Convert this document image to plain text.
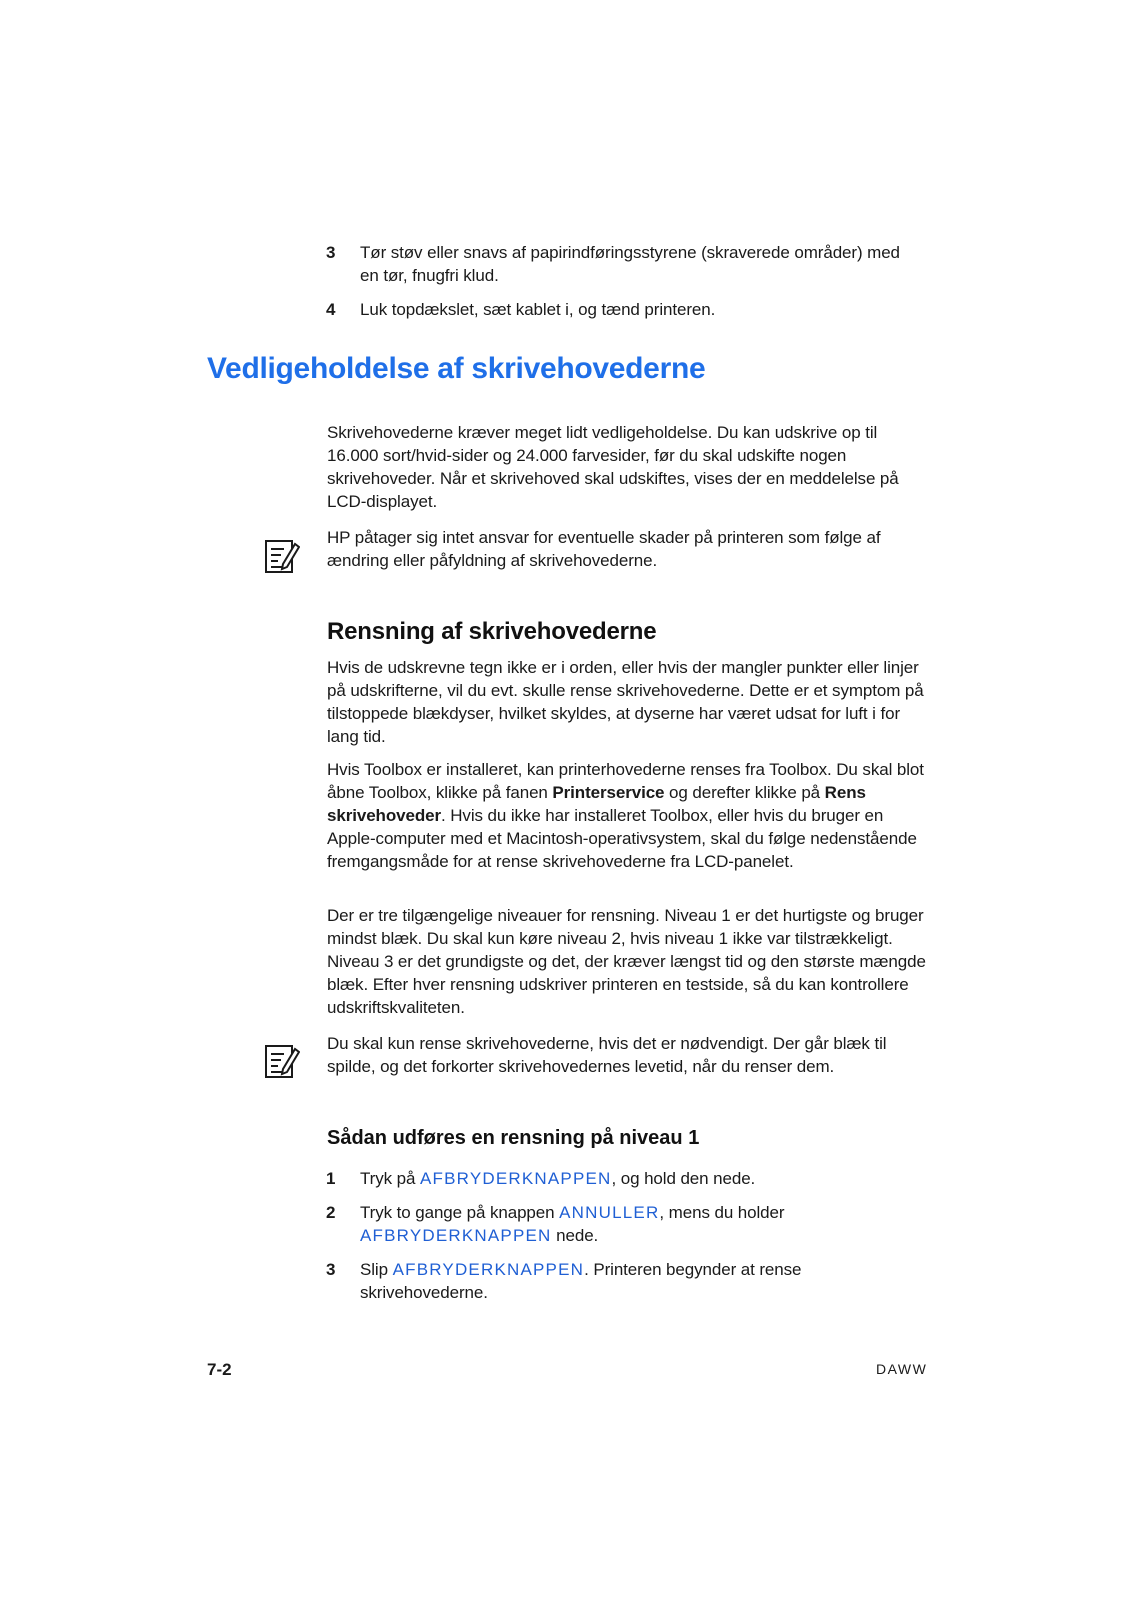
3 Tør støv eller snavs af papirindføringsstyrene (skraverede områder) med en tør, fnugfri klud.
4 Luk topdækslet, sæt kablet i, og tænd printeren.
Vedligeholdelse af skrivehovederne

Skrivehovederne kræver meget lidt vedligeholdelse. Du kan udskrive op til 16.000 sort/hvid-sider og 24.000 farvesider, før du skal udskifte nogen skrivehoveder. Når et skrivehoved skal udskiftes, vises der en meddelelse på LCD-displayet.

HP påtager sig intet ansvar for eventuelle skader på printeren som følge af ændring eller påfyldning af skrivehovederne.

Rensning af skrivehovederne

Hvis de udskrevne tegn ikke er i orden, eller hvis der mangler punkter eller linjer på udskrifterne, vil du evt. skulle rense skrivehovederne. Dette er et symptom på tilstoppede blækdyser, hvilket skyldes, at dyserne har været udsat for luft i for lang tid.

Hvis Toolbox er installeret, kan printerhovederne renses fra Toolbox. Du skal blot åbne Toolbox, klikke på fanen Printerservice og derefter klikke på Rens skrivehoveder. Hvis du ikke har installeret Toolbox, eller hvis du bruger en Apple-computer med et Macintosh-operativsystem, skal du følge nedenstående fremgangsmåde for at rense skrivehovederne fra LCD-panelet.

Der er tre tilgængelige niveauer for rensning. Niveau 1 er det hurtigste og bruger mindst blæk. Du skal kun køre niveau 2, hvis niveau 1 ikke var tilstrækkeligt. Niveau 3 er det grundigste og det, der kræver længst tid og den største mængde blæk. Efter hver rensning udskriver printeren en testside, så du kan kontrollere udskriftskvaliteten.

Du skal kun rense skrivehovederne, hvis det er nødvendigt. Der går blæk til spilde, og det forkorter skrivehovedernes levetid, når du renser dem.

Sådan udføres en rensning på niveau 1
1 Tryk på AFBRYDERKNAPPEN, og hold den nede.
2 Tryk to gange på knappen ANNULLER, mens du holder AFBRYDERKNAPPEN nede.
3 Slip AFBRYDERKNAPPEN. Printeren begynder at rense skrivehovederne.
7-2	DAWW
